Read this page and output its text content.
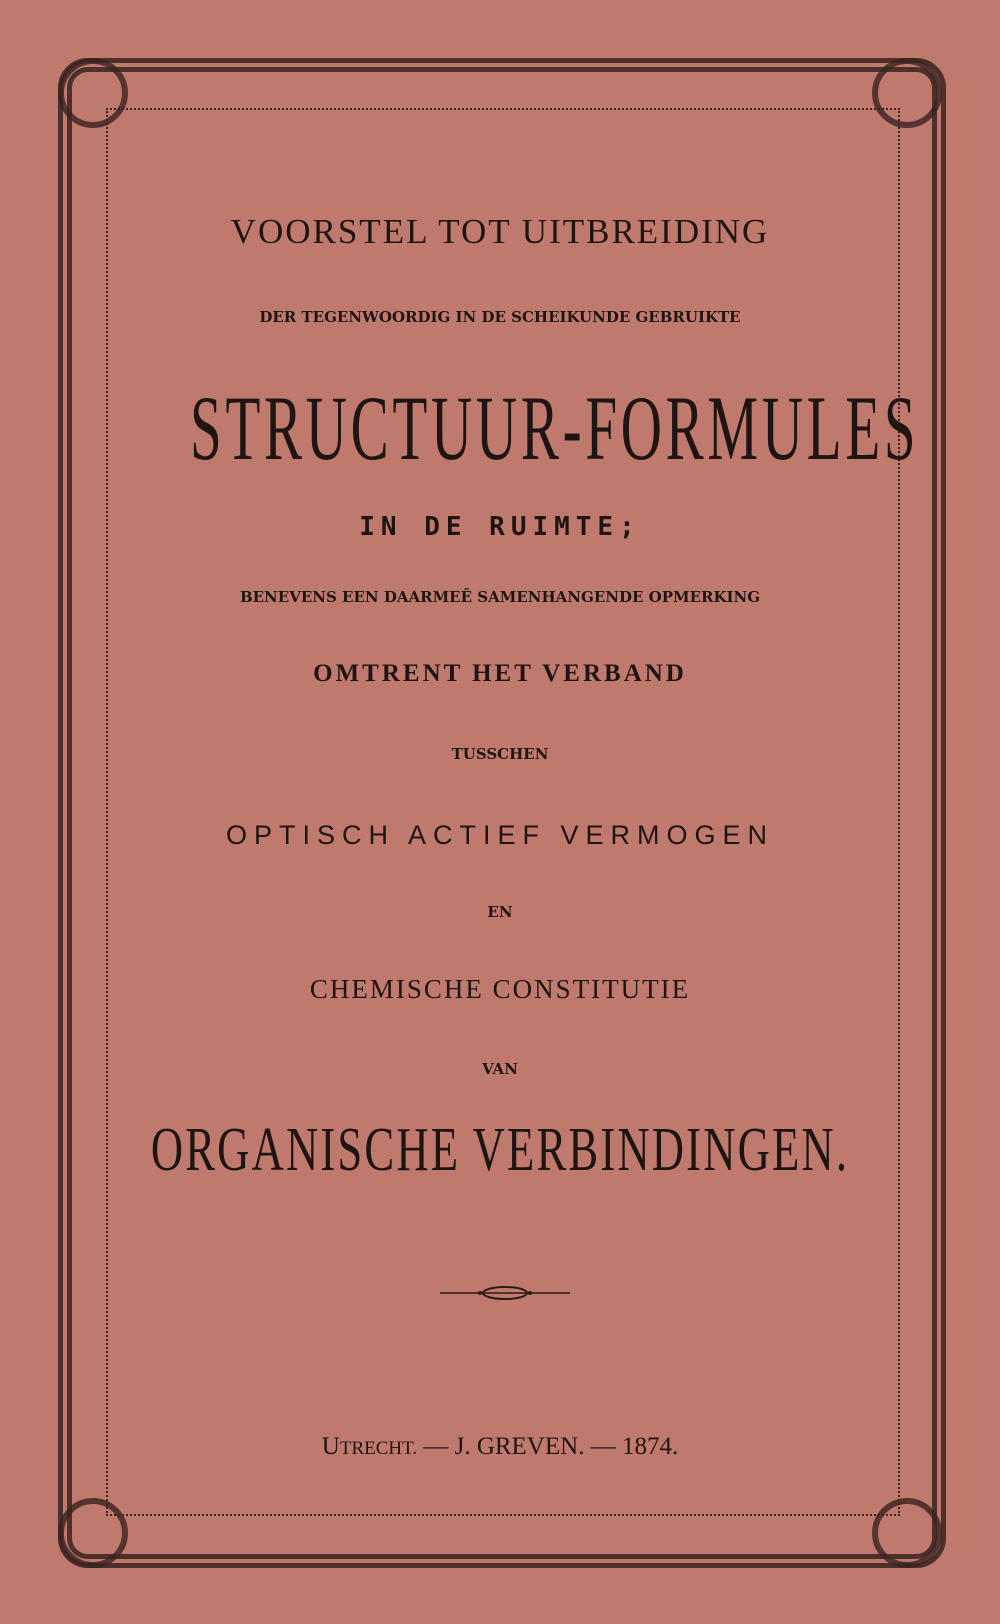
VOORSTEL TOT UITBREIDING
DER TEGENWOORDIG IN DE SCHEIKUNDE GEBRUIKTE
STRUCTUUR-FORMULES
IN DE RUIMTE;
BENEVENS EEN DAARMEÊ SAMENHANGENDE OPMERKING
OMTRENT HET VERBAND
TUSSCHEN
OPTISCH ACTIEF VERMOGEN
EN
CHEMISCHE CONSTITUTIE
VAN
ORGANISCHE VERBINDINGEN.
UTRECHT. — J. GREVEN. — 1874.
